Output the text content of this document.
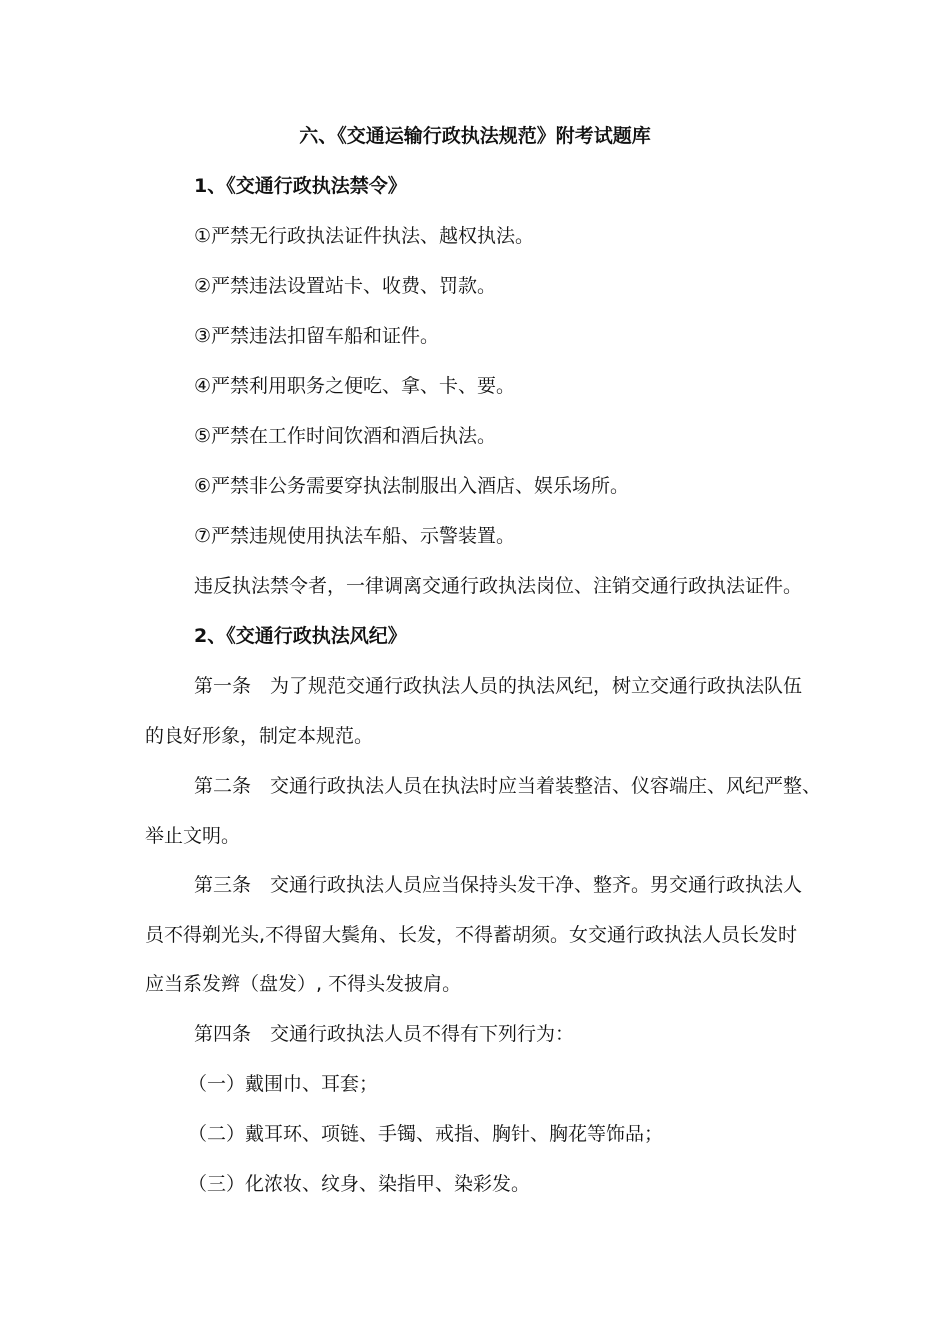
六、《交通运输行政执法规范》附考试题库
1、《交通行政执法禁令》
①严禁无行政执法证件执法、越权执法。
②严禁违法设置站卡、收费、罚款。
③严禁违法扣留车船和证件。
④严禁利用职务之便吃、拿、卡、要。
⑤严禁在工作时间饮酒和酒后执法。
⑥严禁非公务需要穿执法制服出入酒店、娱乐场所。
⑦严禁违规使用执法车船、示警装置。
违反执法禁令者，一律调离交通行政执法岗位、注销交通行政执法证件。
2、《交通行政执法风纪》
第一条　为了规范交通行政执法人员的执法风纪，树立交通行政执法队伍
的良好形象，制定本规范。
第二条　交通行政执法人员在执法时应当着装整洁、仪容端庄、风纪严整、
举止文明。
第三条　交通行政执法人员应当保持头发干净、整齐。男交通行政执法人
员不得剃光头,不得留大鬓角、长发，不得蓄胡须。女交通行政执法人员长发时
应当系发辫（盘发）, 不得头发披肩。
第四条　交通行政执法人员不得有下列行为：
（一）戴围巾、耳套；
（二）戴耳环、项链、手镯、戒指、胸针、胸花等饰品；
（三）化浓妆、纹身、染指甲、染彩发。
